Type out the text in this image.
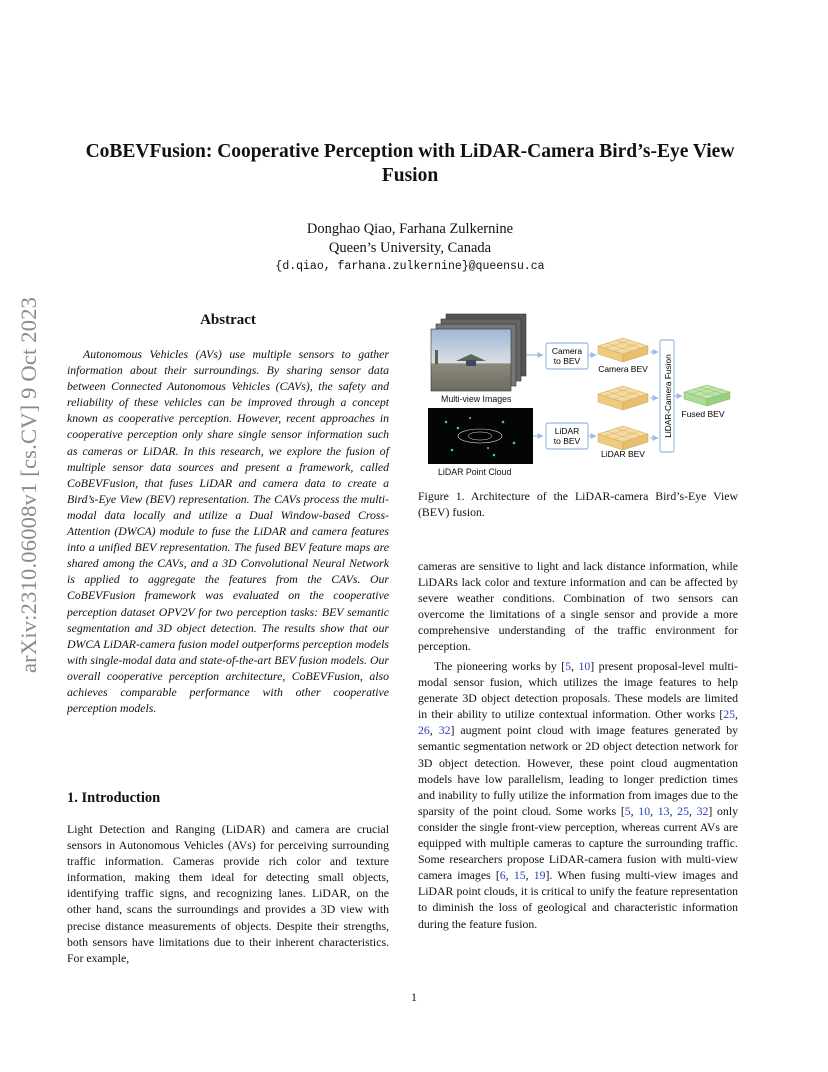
arXiv:2310.06008v1 [cs.CV] 9 Oct 2023
CoBEVFusion: Cooperative Perception with LiDAR-Camera Bird’s-Eye View Fusion
Donghao Qiao, Farhana Zulkernine
Queen’s University, Canada
{d.qiao, farhana.zulkernine}@queensu.ca
Abstract

Autonomous Vehicles (AVs) use multiple sensors to gather information about their surroundings. By sharing sensor data between Connected Autonomous Vehicles (CAVs), the safety and reliability of these vehicles can be improved through a concept known as cooperative perception. However, recent approaches in cooperative perception only share single sensor information such as cameras or LiDAR. In this research, we explore the fusion of multiple sensor data sources and present a framework, called CoBEVFusion, that fuses LiDAR and camera data to create a Bird’s-Eye View (BEV) representation. The CAVs process the multi-modal data locally and utilize a Dual Window-based Cross-Attention (DWCA) module to fuse the LiDAR and camera features into a unified BEV representation. The fused BEV feature maps are shared among the CAVs, and a 3D Convolutional Neural Network is applied to aggregate the features from the CAVs. Our CoBEVFusion framework was evaluated on the cooperative perception dataset OPV2V for two perception tasks: BEV semantic segmentation and 3D object detection. The results show that our DWCA LiDAR-camera fusion model outperforms perception models with single-modal data and state-of-the-art BEV fusion models. Our overall cooperative perception architecture, CoBEVFusion, also achieves comparable performance with other cooperative perception models.

1. Introduction

Light Detection and Ranging (LiDAR) and camera are crucial sensors in Autonomous Vehicles (AVs) for perceiving surrounding traffic information. Cameras provide rich color and texture information, making them ideal for detecting small objects, identifying traffic signs, and recognizing lanes. LiDAR, on the other hand, scans the surroundings and provides a 3D view with precise distance measurements of objects. Despite their strengths, both sensors have limitations due to their inherent characteristics. For example,

Multi-view Images
LiDAR Point Cloud
Camera
to BEV
LiDAR
to BEV
Camera BEV
LiDAR BEV
LiDAR-Camera Fusion Fused BEV

Figure 1. Architecture of the LiDAR-camera Bird’s-Eye View (BEV) fusion.

cameras are sensitive to light and lack distance information, while LiDARs lack color and texture information and can be affected by severe weather conditions. Combination of two sensors can overcome the limitations of a single sensor and provide a more comprehensive understanding of the traffic environment for perception.

The pioneering works by [5, 10] present proposal-level multi-modal sensor fusion, which utilizes the image features to help generate 3D object detection proposals. These models are limited in their ability to utilize contextual information. Other works [25, 26, 32] augment point cloud with image features generated by semantic segmentation network or 2D object detection network for 3D object detection. However, these point cloud augmentation models have low parallelism, leading to longer prediction times and inability to fully utilize the information from images due to the sparsity of the point cloud. Some works [5, 10, 13, 25, 32] only consider the single front-view perception, whereas current AVs are equipped with multiple cameras to capture the surrounding traffic. Some researchers propose LiDAR-camera fusion with multi-view camera images [6, 15, 19]. When fusing multi-view images and LiDAR point clouds, it is critical to unify the feature representation to diminish the loss of geological and characteristic information during the feature fusion.

1
